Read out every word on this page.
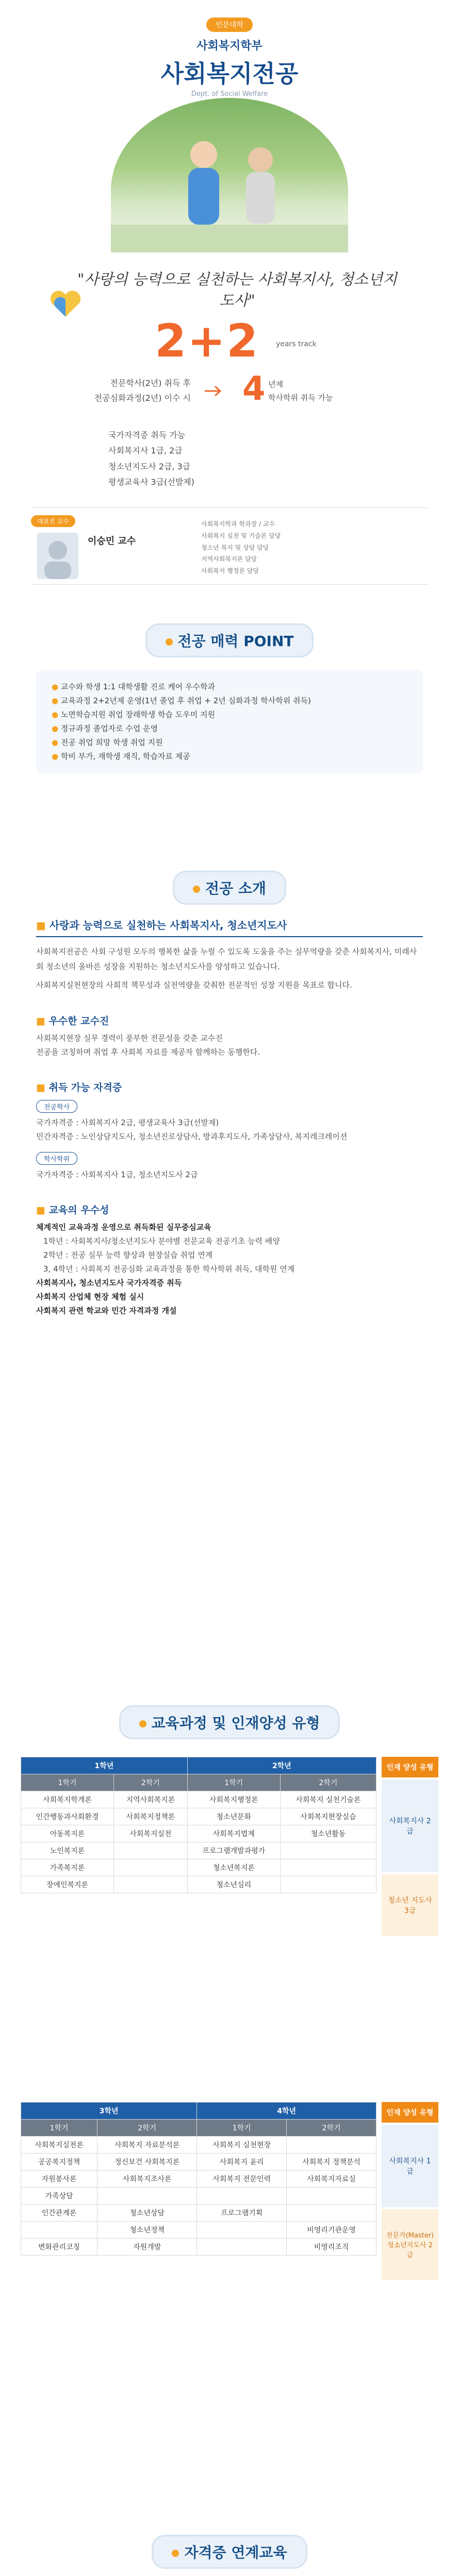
인문대학
사회복지학부
사회복지전공
Dept. of Social Welfare
"사랑의 능력으로 실천하는 사회복지사, 청소년지도사"
2+2 years track
전문학사(2년) 취득 후
전공심화과정(2년) 이수 시 4 년제
학사학위 취득 가능
국가자격증 취득 가능
사회복지사 1급, 2급
청소년지도사 2급, 3급
평생교육사 3급(선발제)
대표전 교수
이승민 교수
사회복지학과 학과장 / 교수
사회복지 실천 및 기술론 담당
청소년 복지 및 상담 담당
지역사회복지론 담당
사회복지 행정론 담당
전공 매력 POINT
● 교수와 학생 1:1 대학생활 진로 케어 우수학과
● 교육과정 2+2년제 운영(1년 졸업 후 취업 + 2년 심화과정 학사학위 취득)
● 노면학습지원 취업 장래학생 학습 도우미 지원
● 정규과정 졸업자로 수업 운영
● 전공 취업 희망 학생 취업 지원
● 학비 부가, 재학생 재직, 학습자료 제공
전공 소개
■ 사랑과 능력으로 실천하는 사회복지사, 청소년지도사

사회복지전공은 사회 구성원 모두의 행복한 삶을 누릴 수 있도록 도움을 주는 실무역량을 갖춘 사회복지사, 미래사회 청소년의 올바른 성장을 지원하는 청소년지도사를 양성하고 있습니다.

사회복지실천현장의 사회적 책무성과 실천역량을 갖춰한 전문적인 성장 지원을 목표로 합니다.

■ 우수한 교수진
사회복지현장 실무 경력이 풍부한 전문성을 갖춘 교수진
전공을 코칭하며 취업 후 사회복 자료를 제공자 함께하는 동행한다.
■ 취득 가능 자격증
전공학사
국가자격증 : 사회복지사 2급, 평생교육사 3급(선발제)
민간자격증 : 노인상담지도사, 청소년진로상담사, 방과후지도사, 가족상담사, 복지레크레이션
학사학위
국가자격증 : 사회복지사 1급, 청소년지도사 2급
■ 교육의 우수성
체계적인 교육과정 운영으로 취득화된 실무중심교육
1학년 : 사회복지사/청소년지도사 분야별 전문교육 전공기초 능력 배양
2학년 : 전공 실무 능력 향상과 현장실습 취업 연계
3, 4학년 : 사회복지 전공심화 교육과정을 통한 학사학위 취득, 대학원 연계
사회복지사, 청소년지도사 국가자격증 취득
사회복지 산업체 현장 체험 실시
사회복지 관련 학교와 민간 자격과정 개설
교육과정 및 인재양성 유형
1학년		2학년	
1학기	2학기	1학기	2학기
사회복지학개론	지역사회복지론	사회복지행정론	사회복지 실천기술론
인간행동과사회환경	사회복지정책론	청소년문화	사회복지현장실습
아동복지론	사회복지실천	사회복지법제	청소년활동
노인복지론		프로그램개발과평가	
가족복지론		청소년복지론	
장애인복지론		청소년심리	
인재 양성 유형
사회복지사 2급
청소년 지도사 3급
3학년		4학년	
1학기	2학기	1학기	2학기
사회복지실천론	사회복지 자료분석론	사회복지 실천현장	
공공복지정책	정신보건 사회복지론	사회복지 윤리	사회복지 정책분석
자원봉사론	사회복지조사론	사회복지 전문인력	사회복지자료실
가족상담			
인간관계론	청소년상담	프로그램기획	
	청소년정책		비영리기관운영
변화관리코칭	자원개발		비영리조직
인재 양성 유형
사회복지사 1급
전문가(Master) 청소년지도사 2급
자격증 연계교육
